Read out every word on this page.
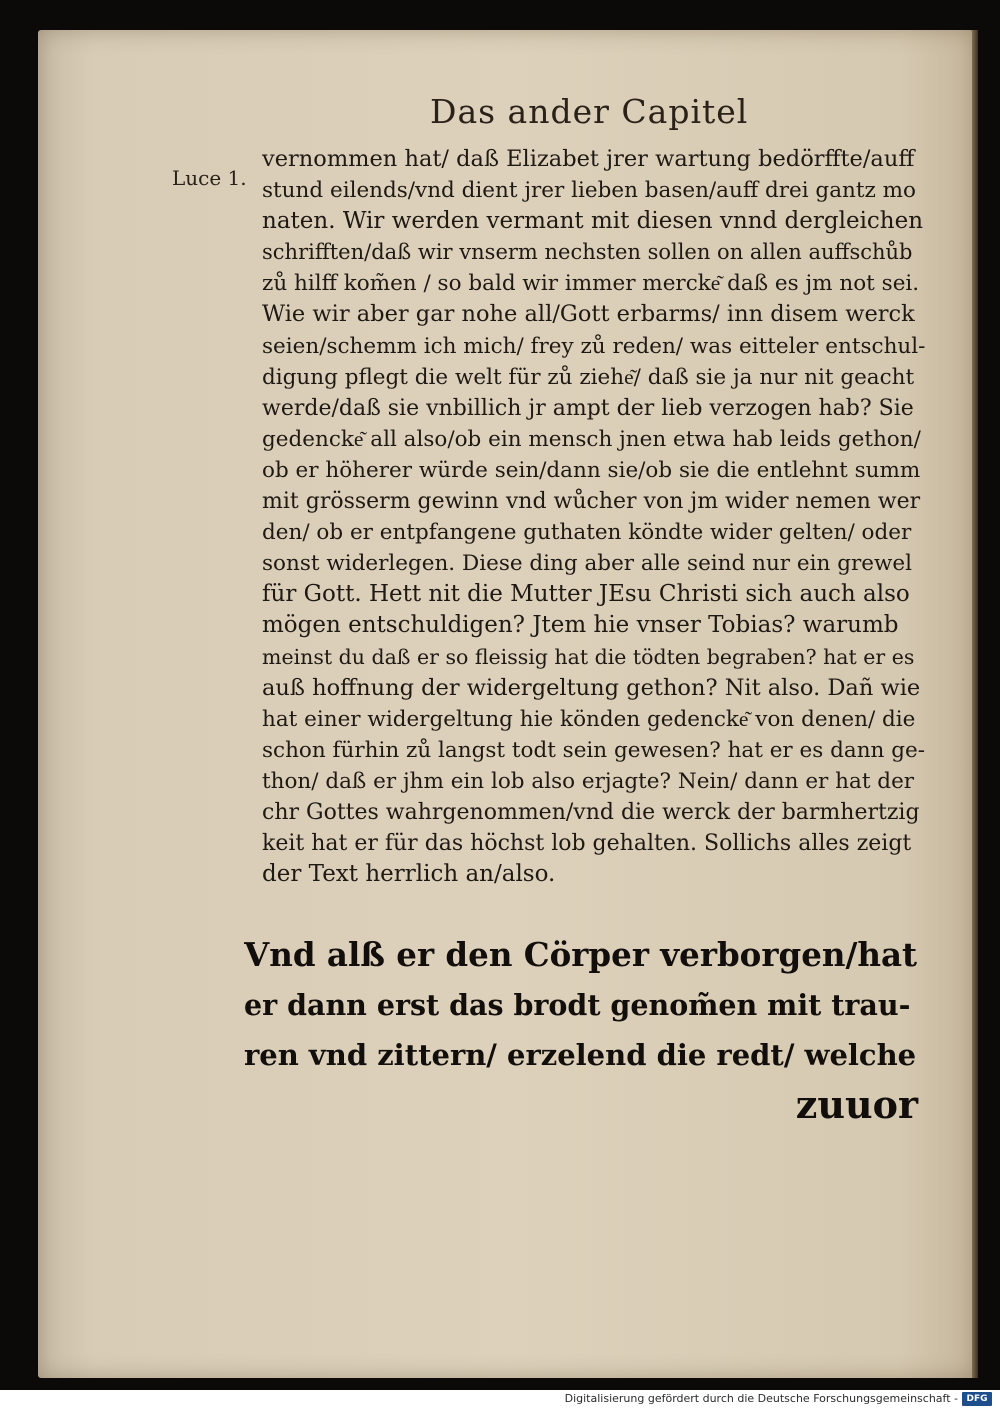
Das ander Capitel
Luce 1.
vernommen hat/ daß Elizabet jrer wartung bedörffte/auff
stund eilends/vnd dient jrer lieben basen/auff drei gantz mo
naten. Wir werden vermant mit diesen vnnd dergleichen
schrifften/daß wir vnserm nechsten sollen on allen auffschůb
zů hilff kom̃en / so bald wir immer mercke͂ daß es jm not sei.
Wie wir aber gar nohe all/Gott erbarms/ inn disem werck
seien/schemm ich mich/ frey zů reden/ was eitteler entschul-
digung pflegt die welt für zů ziehe͂/ daß sie ja nur nit geacht
werde/daß sie vnbillich jr ampt der lieb verzogen hab? Sie
gedencke͂ all also/ob ein mensch jnen etwa hab leids gethon/
ob er höherer würde sein/dann sie/ob sie die entlehnt summ
mit grösserm gewinn vnd wůcher von jm wider nemen wer
den/ ob er entpfangene guthaten köndte wider gelten/ oder
sonst widerlegen. Diese ding aber alle seind nur ein grewel
für Gott. Hett nit die Mutter JEsu Christi sich auch also
mögen entschuldigen? Jtem hie vnser Tobias? warumb
meinst du daß er so fleissig hat die tödten begraben? hat er es
auß hoffnung der widergeltung gethon? Nit also. Dañ wie
hat einer widergeltung hie könden gedencke͂ von denen/ die
schon fürhin zů langst todt sein gewesen? hat er es dann ge-
thon/ daß er jhm ein lob also erjagte? Nein/ dann er hat der
chr Gottes wahrgenommen/vnd die werck der barmhertzig
keit hat er für das höchst lob gehalten. Sollichs alles zeigt
der Text herrlich an/also.
Vnd alß er den Cörper verborgen/hat
er dann erst das brodt genom̃en mit trau-
ren vnd zittern/ erzelend die redt/ welche
zuuor
Digitalisierung gefördert durch die Deutsche Forschungsgemeinschaft - DFG
